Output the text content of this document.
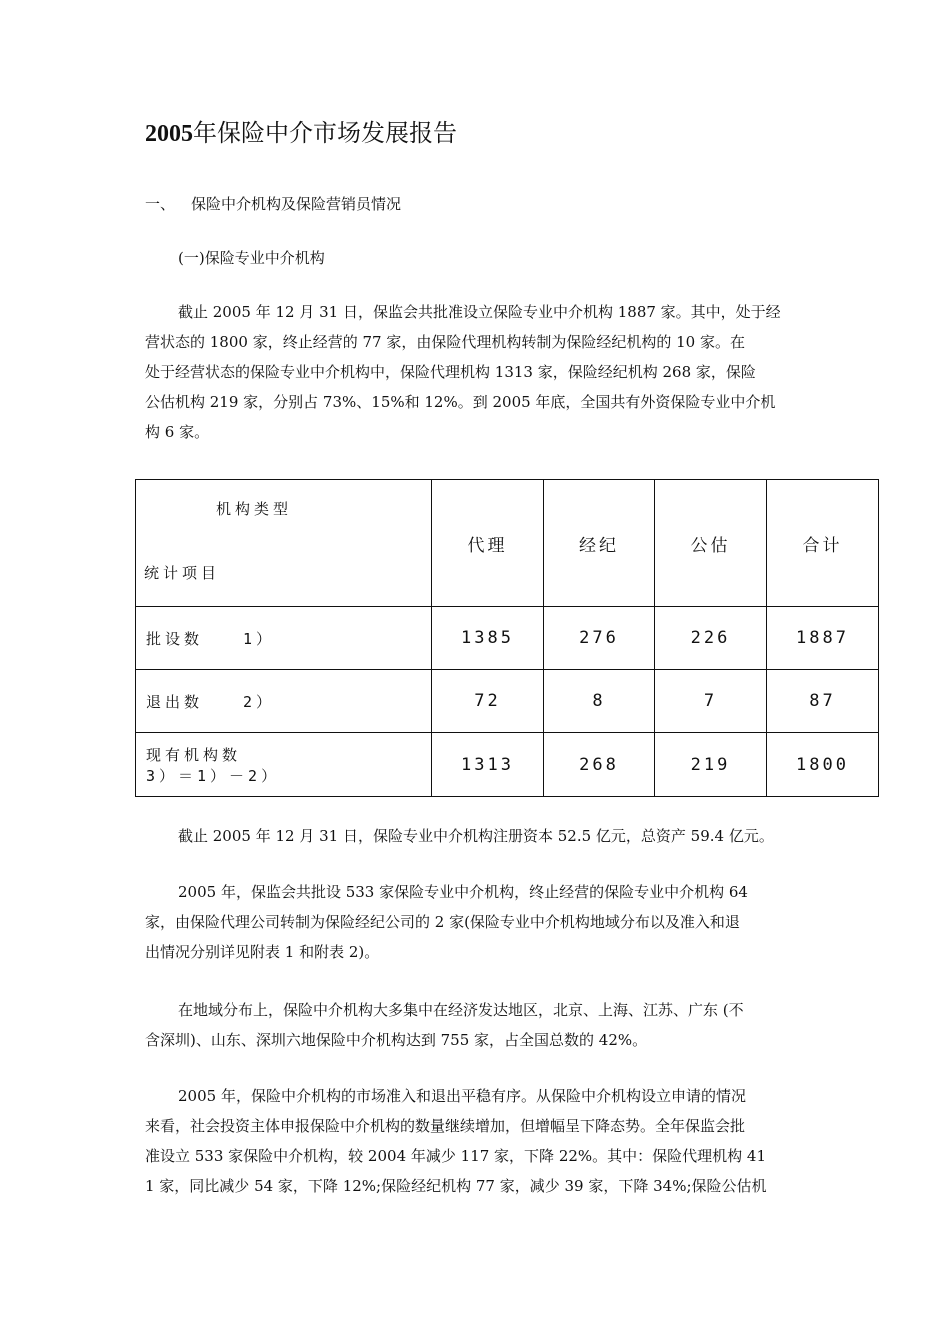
2005年保险中介市场发展报告
一、 保险中介机构及保险营销员情况
(一)保险专业中介机构
截止 2005 年 12 月 31 日，保监会共批准设立保险专业中介机构 1887 家。其中，处于经
营状态的 1800 家，终止经营的 77 家，由保险代理机构转制为保险经纪机构的 10 家。在
处于经营状态的保险专业中介机构中，保险代理机构 1313 家，保险经纪机构 268 家，保险
公估机构 219 家，分别占 73%、15%和 12%。到 2005 年底，全国共有外资保险专业中介机
构 6 家。
机构类型
统计项目	代理	经纪	公估	合计
批设数 1）	1385	276	226	1887
退出数 2）	72	8	7	87
现有机构数3）＝1）－2）	1313	268	219	1800
截止 2005 年 12 月 31 日，保险专业中介机构注册资本 52.5 亿元，总资产 59.4 亿元。
2005 年，保监会共批设 533 家保险专业中介机构，终止经营的保险专业中介机构 64
家，由保险代理公司转制为保险经纪公司的 2 家(保险专业中介机构地域分布以及准入和退
出情况分别详见附表 1 和附表 2)。
在地域分布上，保险中介机构大多集中在经济发达地区，北京、上海、江苏、广东 (不
含深圳)、山东、深圳六地保险中介机构达到 755 家，占全国总数的 42%。
2005 年，保险中介机构的市场准入和退出平稳有序。从保险中介机构设立申请的情况
来看，社会投资主体申报保险中介机构的数量继续增加，但增幅呈下降态势。全年保监会批
准设立 533 家保险中介机构，较 2004 年减少 117 家，下降 22%。其中：保险代理机构 41
1 家，同比减少 54 家，下降 12%;保险经纪机构 77 家，减少 39 家，下降 34%;保险公估机
